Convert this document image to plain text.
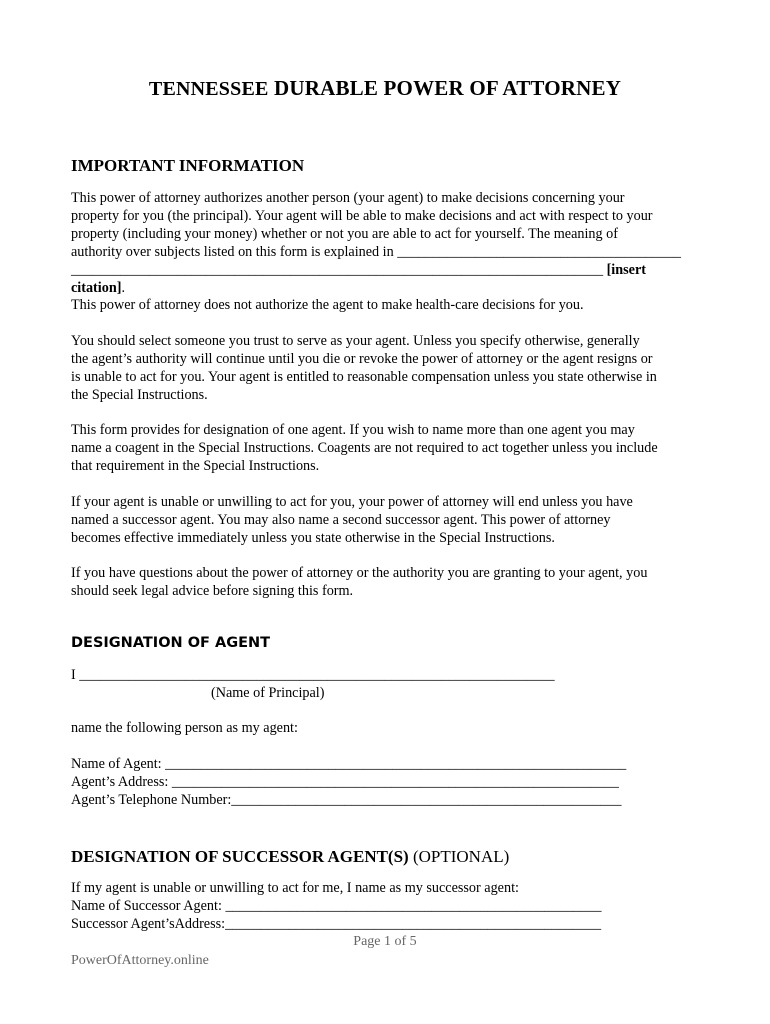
TENNESSEE DURABLE POWER OF ATTORNEY
IMPORTANT INFORMATION

This power of attorney authorizes another person (your agent) to make decisions concerning your

property for you (the principal). Your agent will be able to make decisions and act with respect to your

property (including your money) whether or not you are able to act for yourself. The meaning of

authority over subjects listed on this form is explained in ________________________________________

___________________________________________________________________________ [insert citation].

This power of attorney does not authorize the agent to make health-care decisions for you.

You should select someone you trust to serve as your agent. Unless you specify otherwise, generally

the agent’s authority will continue until you die or revoke the power of attorney or the agent resigns or

is unable to act for you. Your agent is entitled to reasonable compensation unless you state otherwise in

the Special Instructions.

This form provides for designation of one agent. If you wish to name more than one agent you may

name a coagent in the Special Instructions. Coagents are not required to act together unless you include

that requirement in the Special Instructions.

If your agent is unable or unwilling to act for you, your power of attorney will end unless you have

named a successor agent. You may also name a second successor agent. This power of attorney

becomes effective immediately unless you state otherwise in the Special Instructions.

If you have questions about the power of attorney or the authority you are granting to your agent, you

should seek legal advice before signing this form.

DESIGNATION OF AGENT
I ___________________________________________________________________
(Name of Principal)
name the following person as my agent:
Name of Agent: _________________________________________________________________
Agent’s Address: _______________________________________________________________
Agent’s Telephone Number:_______________________________________________________
DESIGNATION OF SUCCESSOR AGENT(S) (OPTIONAL)
If my agent is unable or unwilling to act for me, I name as my successor agent:
Name of Successor Agent: _____________________________________________________
Successor Agent’sAddress:_____________________________________________________
Page 1 of 5
PowerOfAttorney.online
